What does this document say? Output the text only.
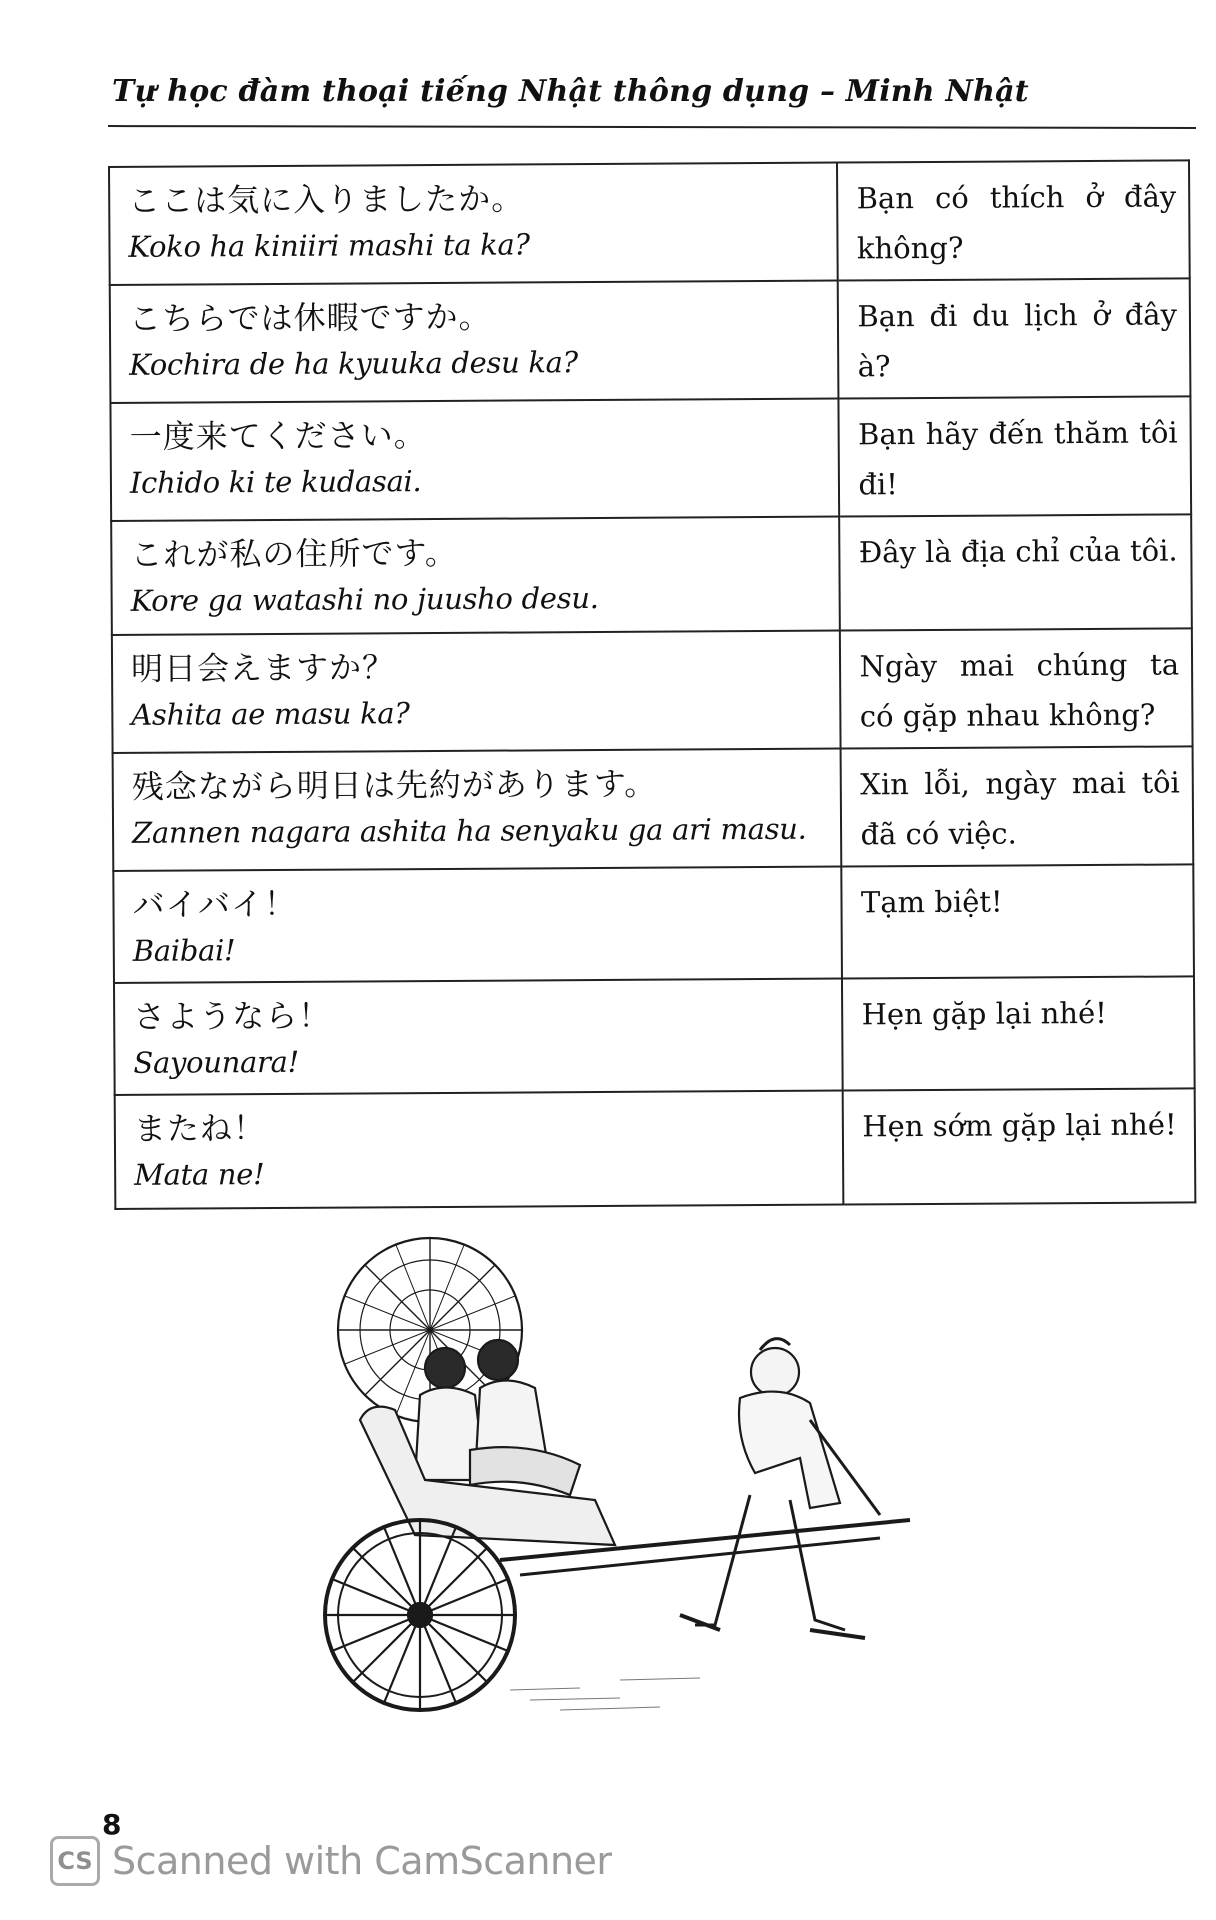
Tự học đàm thoại tiếng Nhật thông dụng – Minh Nhật
ここは気に入りましたか。
Koko ha kiniiri mashi ta ka?	Bạn có thích ở đây không?

こちらでは休暇ですか。
Kochira de ha kyuuka desu ka?	Bạn đi du lịch ở đây à?

一度来てください。
Ichido ki te kudasai.	Bạn hãy đến thăm tôi đi!

これが私の住所です。
Kore ga watashi no juusho desu.	Đây là địa chỉ của tôi.

明日会えますか？
Ashita ae masu ka?	Ngày mai chúng ta có gặp nhau không?

残念ながら明日は先約があります。
Zannen nagara ashita ha senyaku ga ari masu.	Xin lỗi, ngày mai tôi đã có việc.

バイバイ！
Baibai!	Tạm biệt!

さようなら！
Sayounara!	Hẹn gặp lại nhé!

またね！
Mata ne!	Hẹn sớm gặp lại nhé!
8
CS Scanned with CamScanner
